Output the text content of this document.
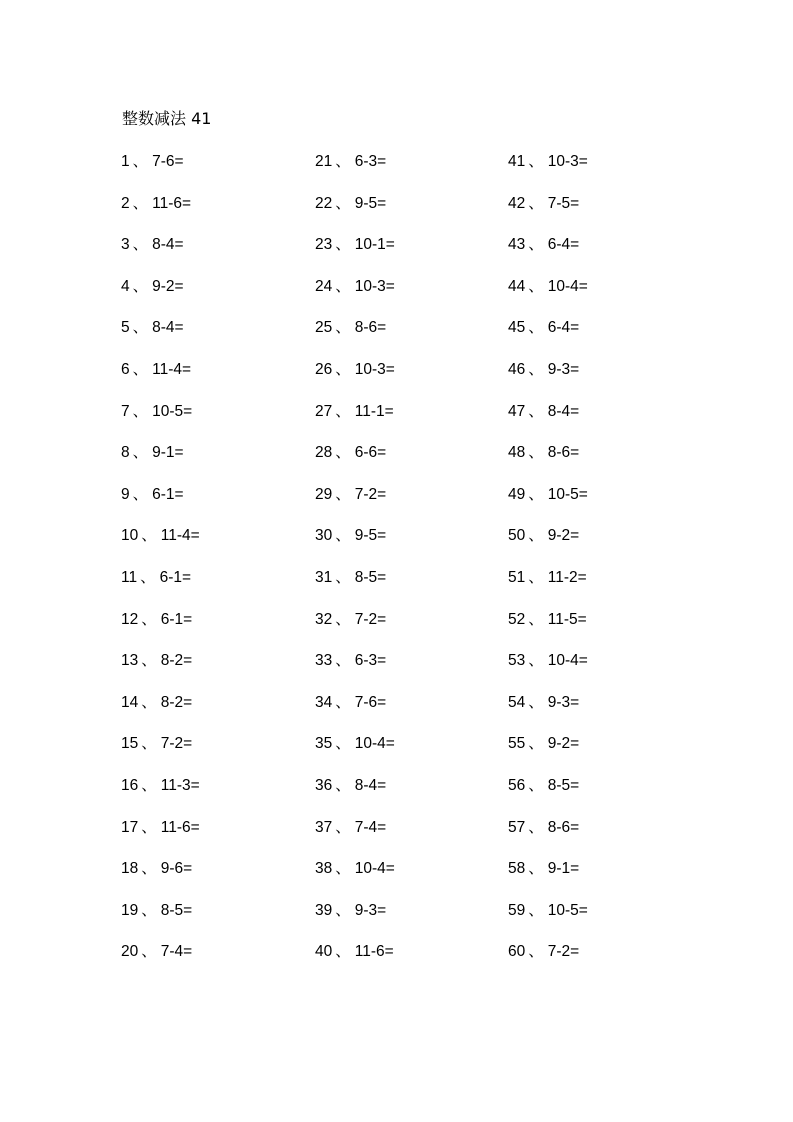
整数减法 41
1 、 7-6=
2 、 11-6=
3 、 8-4=
4 、 9-2=
5 、 8-4=
6 、 11-4=
7 、 10-5=
8 、 9-1=
9 、 6-1=
10 、 11-4=
11 、 6-1=
12 、 6-1=
13 、 8-2=
14 、 8-2=
15 、 7-2=
16 、 11-3=
17 、 11-6=
18 、 9-6=
19 、 8-5=
20 、 7-4=
21 、 6-3=
22 、 9-5=
23 、 10-1=
24 、 10-3=
25 、 8-6=
26 、 10-3=
27 、 11-1=
28 、 6-6=
29 、 7-2=
30 、 9-5=
31 、 8-5=
32 、 7-2=
33 、 6-3=
34 、 7-6=
35 、 10-4=
36 、 8-4=
37 、 7-4=
38 、 10-4=
39 、 9-3=
40 、 11-6=
41 、 10-3=
42 、 7-5=
43 、 6-4=
44 、 10-4=
45 、 6-4=
46 、 9-3=
47 、 8-4=
48 、 8-6=
49 、 10-5=
50 、 9-2=
51 、 11-2=
52 、 11-5=
53 、 10-4=
54 、 9-3=
55 、 9-2=
56 、 8-5=
57 、 8-6=
58 、 9-1=
59 、 10-5=
60 、 7-2=
